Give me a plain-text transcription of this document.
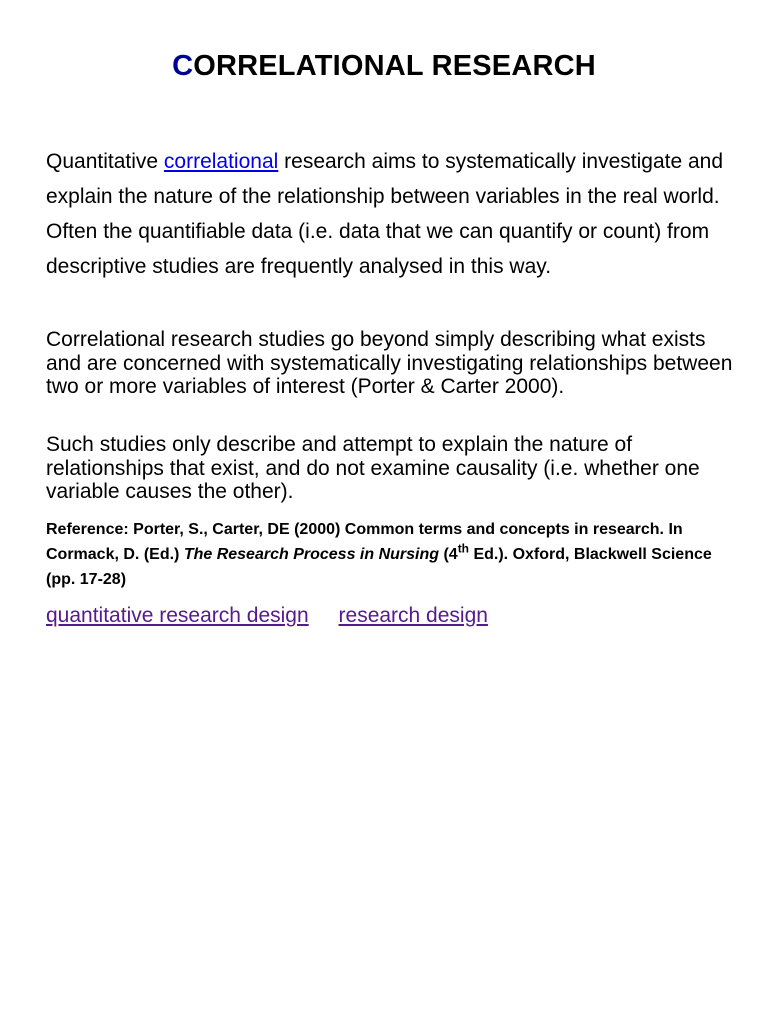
CORRELATIONAL RESEARCH

Quantitative correlational research aims to systematically investigate and explain the nature of the relationship between variables in the real world. Often the quantifiable data (i.e. data that we can quantify or count) from descriptive studies are frequently analysed in this way.

Correlational research studies go beyond simply describing what exists and are concerned with systematically investigating relationships between two or more variables of interest (Porter & Carter 2000).

Such studies only describe and attempt to explain the nature of relationships that exist, and do not examine causality (i.e. whether one variable causes the other).

Reference: Porter, S., Carter, DE (2000) Common terms and concepts in research. In Cormack, D. (Ed.) The Research Process in Nursing (4th Ed.). Oxford, Blackwell Science (pp. 17-28)

quantitative research design research design
